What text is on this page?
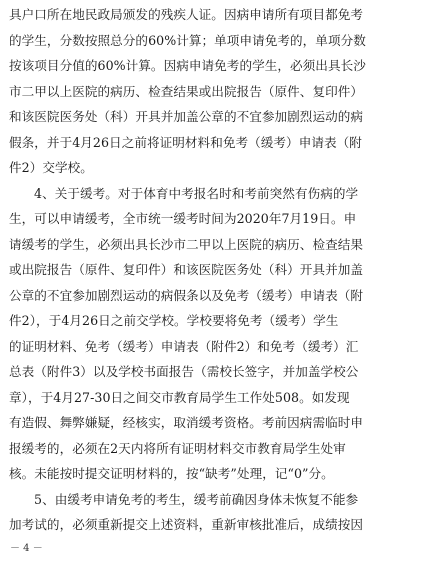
具户口所在地民政局颁发的残疾人证。因病申请所有项目都免考
的学生，分数按照总分的60%计算；单项申请免考的，单项分数
按该项目分值的60%计算。因病申请免考的学生，必须出具长沙
市二甲以上医院的病历、检查结果或出院报告（原件、复印件）
和该医院医务处（科）开具并加盖公章的不宜参加剧烈运动的病
假条，并于4月26日之前将证明材料和免考（缓考）申请表（附
件2）交学校。
4、关于缓考。对于体育中考报名时和考前突然有伤病的学
生，可以申请缓考，全市统一缓考时间为2020年7月19日。申
请缓考的学生，必须出具长沙市二甲以上医院的病历、检查结果
或出院报告（原件、复印件）和该医院医务处（科）开具并加盖
公章的不宜参加剧烈运动的病假条以及免考（缓考）申请表（附
件2），于4月26日之前交学校。学校要将免考（缓考）学生
的证明材料、免考（缓考）申请表（附件2）和免考（缓考）汇
总表（附件3）以及学校书面报告（需校长签字，并加盖学校公
章），于4月27-30日之间交市教育局学生工作处508。如发现
有造假、舞弊嫌疑，经核实，取消缓考资格。考前因病需临时申
报缓考的，必须在2天内将所有证明材料交市教育局学生处审
核。未能按时提交证明材料的，按“缺考”处理，记“0”分。
5、由缓考申请免考的考生，缓考前确因身体未恢复不能参
加考试的，必须重新提交上述资料，重新审核批准后，成绩按因
－ 4 －
